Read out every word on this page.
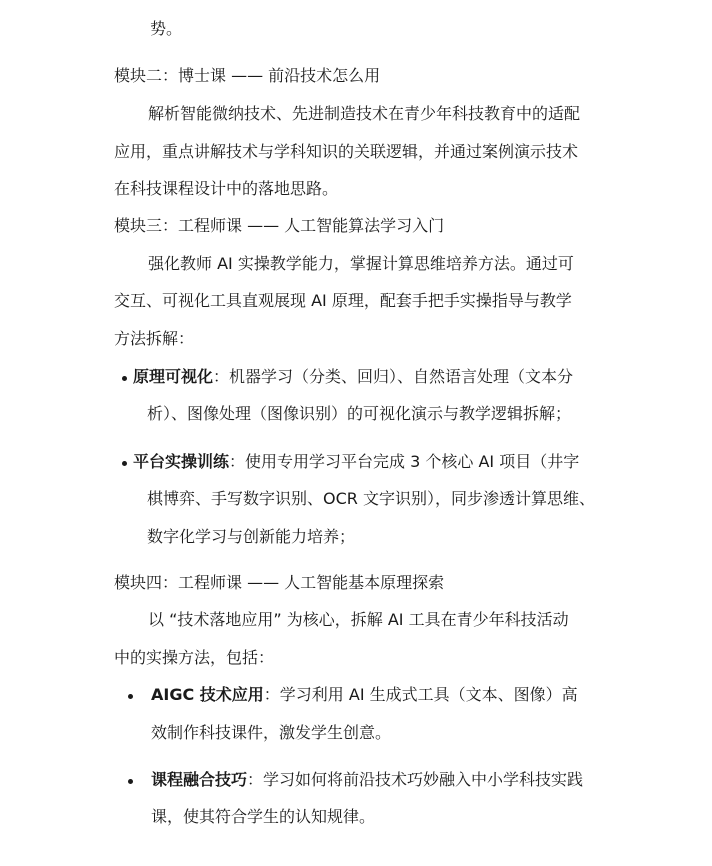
势。
模块二：博士课 —— 前沿技术怎么用
解析智能微纳技术、先进制造技术在青少年科技教育中的适配
应用，重点讲解技术与学科知识的关联逻辑，并通过案例演示技术
在科技课程设计中的落地思路。
模块三：工程师课 —— 人工智能算法学习入门
强化教师 AI 实操教学能力，掌握计算思维培养方法。通过可
交互、可视化工具直观展现 AI 原理，配套手把手实操指导与教学
方法拆解：
原理可视化：机器学习（分类、回归）、自然语言处理（文本分
析）、图像处理（图像识别）的可视化演示与教学逻辑拆解；
平台实操训练：使用专用学习平台完成 3 个核心 AI 项目（井字
棋博弈、手写数字识别、OCR 文字识别），同步渗透计算思维、
数字化学习与创新能力培养；
模块四：工程师课 —— 人工智能基本原理探索
以 “技术落地应用” 为核心，拆解 AI 工具在青少年科技活动
中的实操方法，包括：
AIGC 技术应用：学习利用 AI 生成式工具（文本、图像）高
效制作科技课件，激发学生创意。
课程融合技巧：学习如何将前沿技术巧妙融入中小学科技实践
课，使其符合学生的认知规律。
